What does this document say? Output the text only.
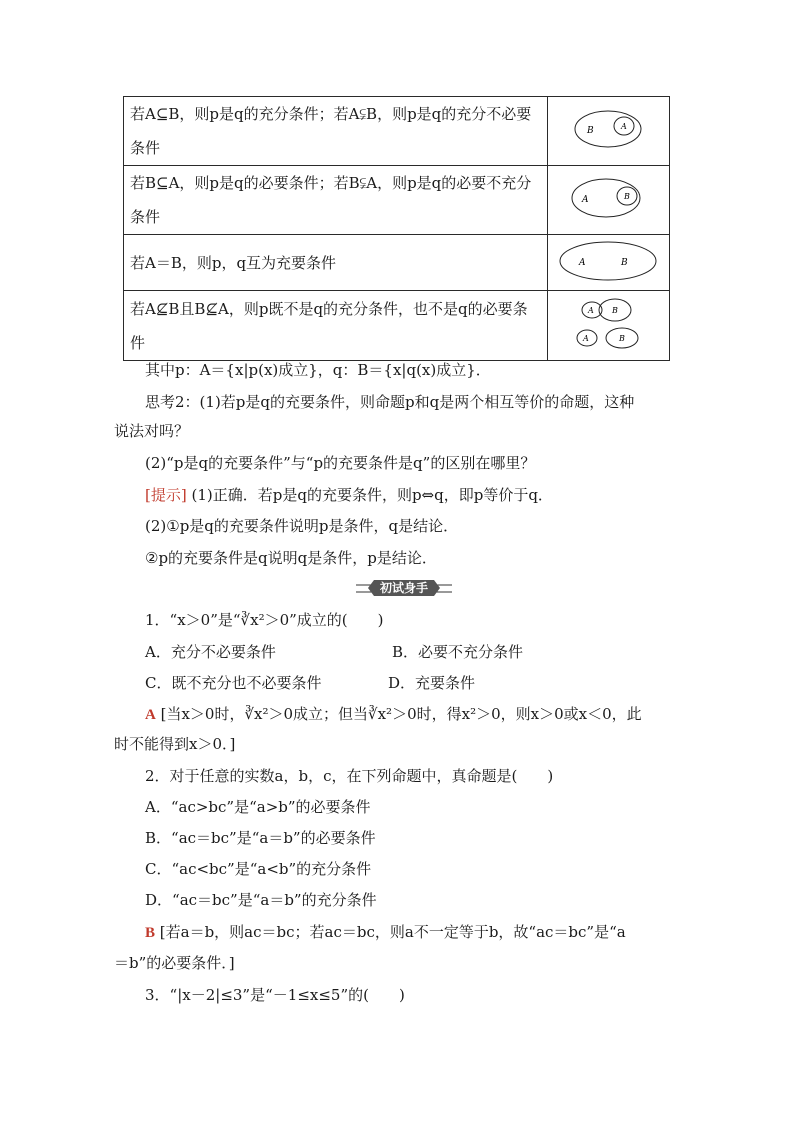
若A⊆B，则p是q的充分条件；若A⫋B，则p是q的充分不必要条件	B A

若B⊆A，则p是q的必要条件；若B⫋A，则p是q的必要不充分条件	A B

若A＝B，则p，q互为充要条件	A B

若A⊈B且B⊈A，则p既不是q的充分条件，也不是q的必要条件	A B
A B
其中p：A＝{x|p(x)成立}，q：B＝{x|q(x)成立}．
思考2：(1)若p是q的充要条件，则命题p和q是两个相互等价的命题，这种
说法对吗？
(2)“p是q的充要条件”与“p的充要条件是q”的区别在哪里？
[提示] (1)正确．若p是q的充要条件，则p⇔q，即p等价于q．
(2)①p是q的充要条件说明p是条件，q是结论．
②p的充要条件是q说明q是条件，p是结论．
初试身手
1．“x＞0”是“∛x²＞0”成立的(　　)
A．充分不必要条件	B．必要不充分条件
C．既不充分也不必要条件	D．充要条件
A [当x＞0时，∛x²＞0成立；但当∛x²＞0时，得x²＞0，则x＞0或x＜0，此
时不能得到x＞0．]
2．对于任意的实数a，b，c，在下列命题中，真命题是(　　)
A．“ac>bc”是“a>b”的必要条件
B．“ac＝bc”是“a＝b”的必要条件
C．“ac<bc”是“a<b”的充分条件
D．“ac＝bc”是“a＝b”的充分条件
B [若a＝b，则ac＝bc；若ac＝bc，则a不一定等于b，故“ac＝bc”是“a
＝b”的必要条件．]
3．“|x－2|≤3”是“－1≤x≤5”的(　　)
